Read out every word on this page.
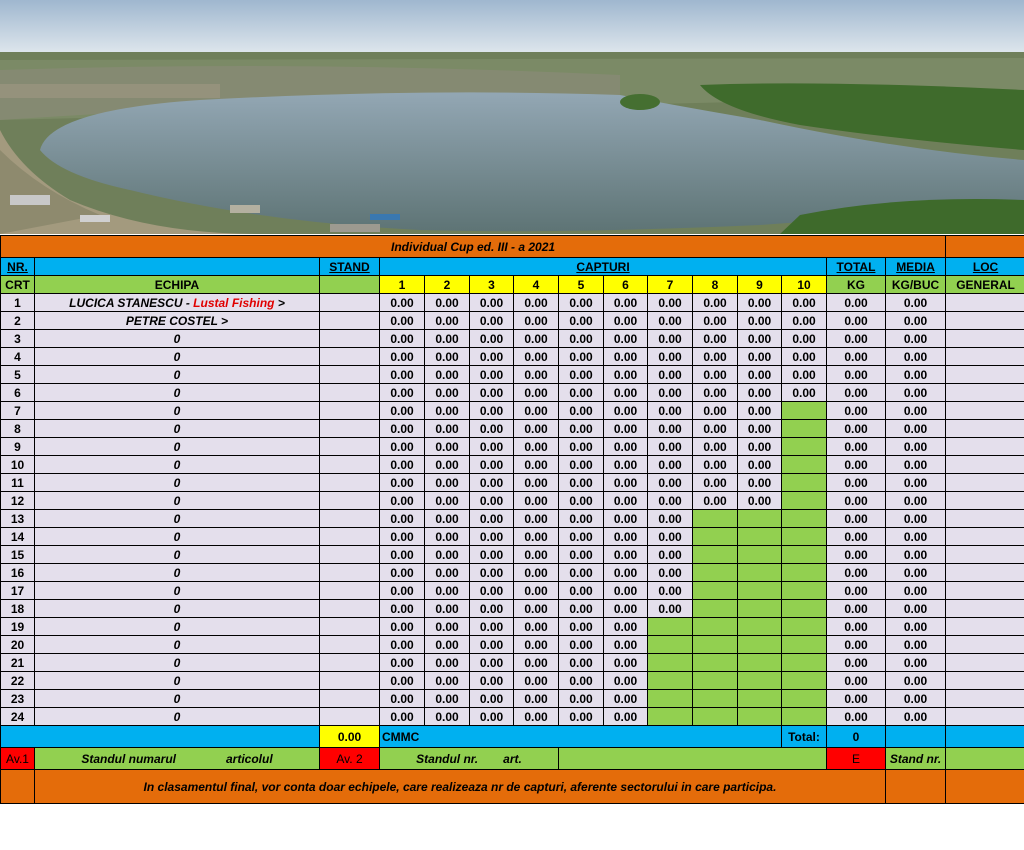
Individual Cup ed. III - a 2021															
NR.		STAND	CAPTURI										TOTAL	MEDIA	LOC
CRT	ECHIPA		1	2	3	4	5	6	7	8	9	10	KG	KG/BUC	GENERAL
1	LUCICA STANESCU - Lustal Fishing >		0.00	0.00	0.00	0.00	0.00	0.00	0.00	0.00	0.00	0.00	0.00	0.00	
2	PETRE COSTEL >		0.00	0.00	0.00	0.00	0.00	0.00	0.00	0.00	0.00	0.00	0.00	0.00	
3	0		0.00	0.00	0.00	0.00	0.00	0.00	0.00	0.00	0.00	0.00	0.00	0.00	
4	0		0.00	0.00	0.00	0.00	0.00	0.00	0.00	0.00	0.00	0.00	0.00	0.00	
5	0		0.00	0.00	0.00	0.00	0.00	0.00	0.00	0.00	0.00	0.00	0.00	0.00	
6	0		0.00	0.00	0.00	0.00	0.00	0.00	0.00	0.00	0.00	0.00	0.00	0.00	
7	0		0.00	0.00	0.00	0.00	0.00	0.00	0.00	0.00	0.00		0.00	0.00	
8	0		0.00	0.00	0.00	0.00	0.00	0.00	0.00	0.00	0.00		0.00	0.00	
9	0		0.00	0.00	0.00	0.00	0.00	0.00	0.00	0.00	0.00		0.00	0.00	
10	0		0.00	0.00	0.00	0.00	0.00	0.00	0.00	0.00	0.00		0.00	0.00	
11	0		0.00	0.00	0.00	0.00	0.00	0.00	0.00	0.00	0.00		0.00	0.00	
12	0		0.00	0.00	0.00	0.00	0.00	0.00	0.00	0.00	0.00		0.00	0.00	
13	0		0.00	0.00	0.00	0.00	0.00	0.00	0.00				0.00	0.00	
14	0		0.00	0.00	0.00	0.00	0.00	0.00	0.00				0.00	0.00	
15	0		0.00	0.00	0.00	0.00	0.00	0.00	0.00				0.00	0.00	
16	0		0.00	0.00	0.00	0.00	0.00	0.00	0.00				0.00	0.00	
17	0		0.00	0.00	0.00	0.00	0.00	0.00	0.00				0.00	0.00	
18	0		0.00	0.00	0.00	0.00	0.00	0.00	0.00				0.00	0.00	
19	0		0.00	0.00	0.00	0.00	0.00	0.00					0.00	0.00	
20	0		0.00	0.00	0.00	0.00	0.00	0.00					0.00	0.00	
21	0		0.00	0.00	0.00	0.00	0.00	0.00					0.00	0.00	
22	0		0.00	0.00	0.00	0.00	0.00	0.00					0.00	0.00	
23	0		0.00	0.00	0.00	0.00	0.00	0.00					0.00	0.00	
24	0		0.00	0.00	0.00	0.00	0.00	0.00					0.00	0.00	
		0.00	CMMC									Total:	0		
Av.1	Standul numarul articolul	Av. 2	Standul nr. art.										E	Stand nr.	
	In clasamentul final, vor conta doar echipele, care realizeaza nr de capturi, aferente sectorului in care participa.														
